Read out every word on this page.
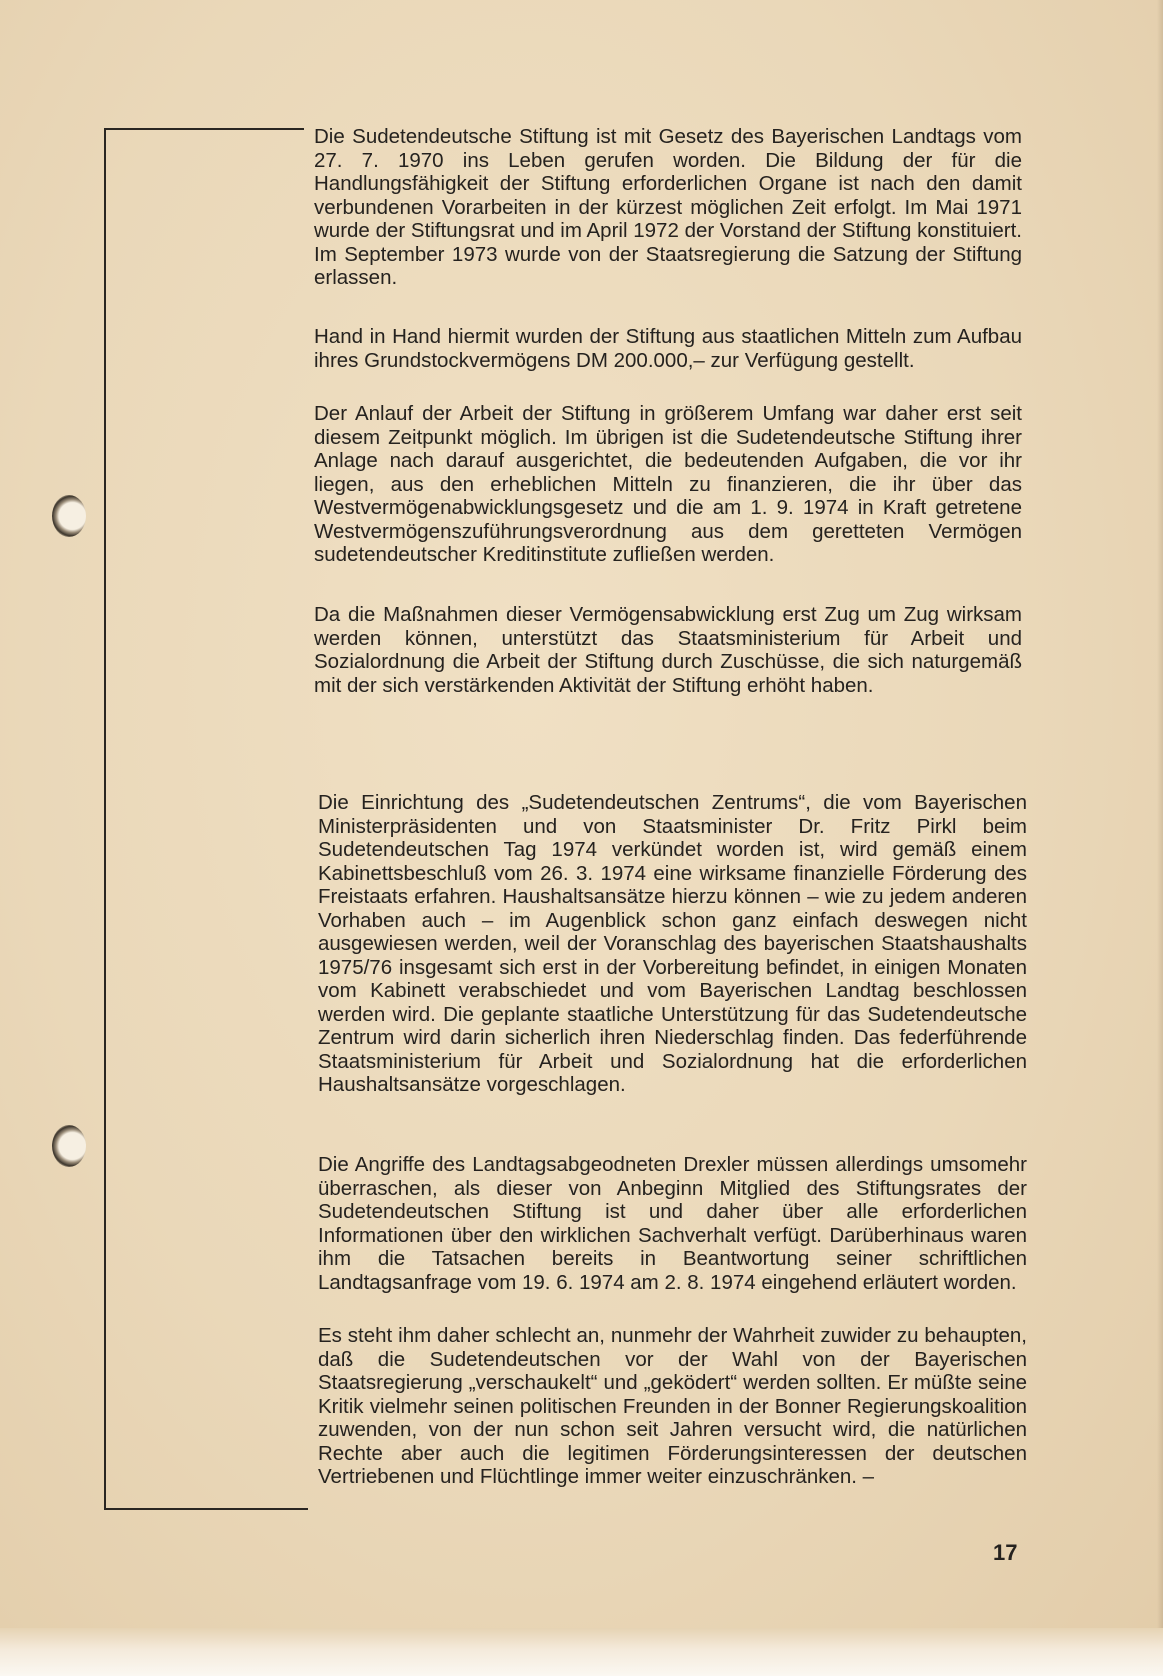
Die Sudetendeutsche Stiftung ist mit Gesetz des Bayerischen Landtags vom 27. 7. 1970 ins Leben gerufen worden. Die Bildung der für die Handlungsfähigkeit der Stiftung erforderlichen Organe ist nach den damit verbundenen Vorarbeiten in der kürzest möglichen Zeit erfolgt. Im Mai 1971 wurde der Stiftungsrat und im April 1972 der Vorstand der Stiftung konstituiert. Im September 1973 wurde von der Staatsregierung die Satzung der Stiftung erlassen.

Hand in Hand hiermit wurden der Stiftung aus staatlichen Mitteln zum Aufbau ihres Grundstockvermögens DM 200.000,– zur Verfügung gestellt.

Der Anlauf der Arbeit der Stiftung in größerem Umfang war daher erst seit diesem Zeitpunkt möglich. Im übrigen ist die Sudetendeutsche Stiftung ihrer Anlage nach darauf ausgerichtet, die bedeutenden Aufgaben, die vor ihr liegen, aus den erheblichen Mitteln zu finanzieren, die ihr über das Westvermögenabwicklungsgesetz und die am 1. 9. 1974 in Kraft getretene Westvermögenszuführungsverordnung aus dem geretteten Vermögen sudetendeutscher Kreditinstitute zufließen werden.

Da die Maßnahmen dieser Vermögensabwicklung erst Zug um Zug wirksam werden können, unterstützt das Staatsministerium für Arbeit und Sozialordnung die Arbeit der Stiftung durch Zuschüsse, die sich naturgemäß mit der sich verstärkenden Aktivität der Stiftung erhöht haben.

Die Einrichtung des „Sudetendeutschen Zentrums“, die vom Bayerischen Ministerpräsidenten und von Staatsminister Dr. Fritz Pirkl beim Sudetendeutschen Tag 1974 verkündet worden ist, wird gemäß einem Kabinettsbeschluß vom 26. 3. 1974 eine wirksame finanzielle Förderung des Freistaats erfahren. Haushaltsansätze hierzu können – wie zu jedem anderen Vorhaben auch – im Augenblick schon ganz einfach deswegen nicht ausgewiesen werden, weil der Voranschlag des bayerischen Staatshaushalts 1975/76 insgesamt sich erst in der Vorbereitung befindet, in einigen Monaten vom Kabinett verabschiedet und vom Bayerischen Landtag beschlossen werden wird. Die geplante staatliche Unterstützung für das Sudetendeutsche Zentrum wird darin sicherlich ihren Niederschlag finden. Das federführende Staatsministerium für Arbeit und Sozialordnung hat die erforderlichen Haushaltsansätze vorgeschlagen.

Die Angriffe des Landtagsabgeodneten Drexler müssen allerdings umsomehr überraschen, als dieser von Anbeginn Mitglied des Stiftungsrates der Sudetendeutschen Stiftung ist und daher über alle erforderlichen Informationen über den wirklichen Sachverhalt verfügt. Darüberhinaus waren ihm die Tatsachen bereits in Beantwortung seiner schriftlichen Landtagsanfrage vom 19. 6. 1974 am 2. 8. 1974 eingehend erläutert worden.

Es steht ihm daher schlecht an, nunmehr der Wahrheit zuwider zu behaupten, daß die Sudetendeutschen vor der Wahl von der Bayerischen Staatsregierung „verschaukelt“ und „geködert“ werden sollten. Er müßte seine Kritik vielmehr seinen politischen Freunden in der Bonner Regierungskoalition zuwenden, von der nun schon seit Jahren versucht wird, die natürlichen Rechte aber auch die legitimen Förderungsinteressen der deutschen Vertriebenen und Flüchtlinge immer weiter einzuschränken. –

17
